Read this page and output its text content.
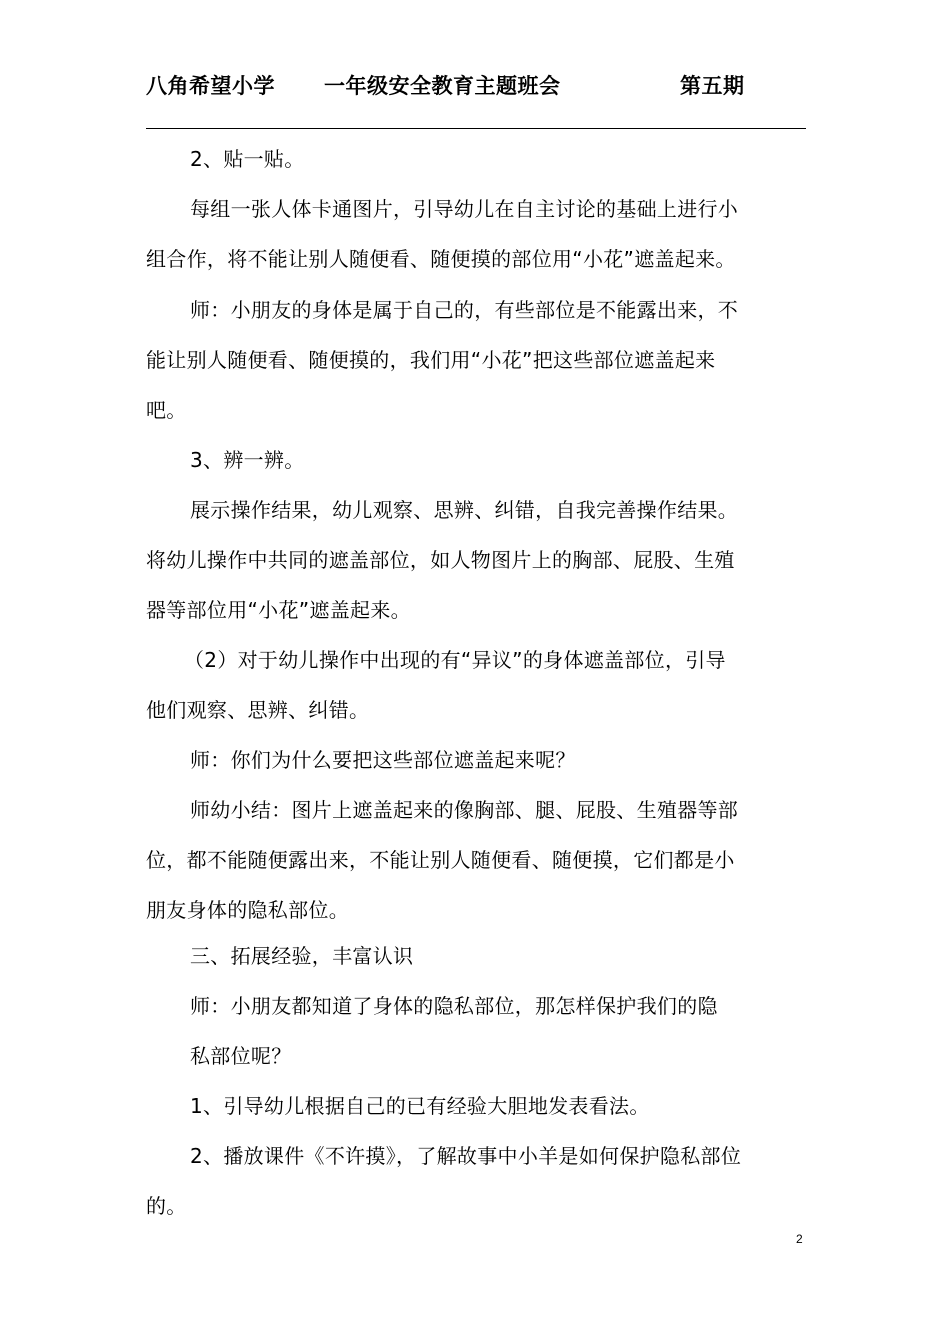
八角希望小学 一年级安全教育主题班会	第五期
2、贴一贴。
每组一张人体卡通图片，引导幼儿在自主讨论的基础上进行小
组合作，将不能让别人随便看、随便摸的部位用“小花”遮盖起来。
师：小朋友的身体是属于自己的，有些部位是不能露出来，不
能让别人随便看、随便摸的，我们用“小花”把这些部位遮盖起来
吧。
3、辨一辨。
展示操作结果，幼儿观察、思辨、纠错，自我完善操作结果。
将幼儿操作中共同的遮盖部位，如人物图片上的胸部、屁股、生殖
器等部位用“小花”遮盖起来。
（2）对于幼儿操作中出现的有“异议”的身体遮盖部位，引导
他们观察、思辨、纠错。
师：你们为什么要把这些部位遮盖起来呢？
师幼小结：图片上遮盖起来的像胸部、腿、屁股、生殖器等部
位，都不能随便露出来，不能让别人随便看、随便摸，它们都是小
朋友身体的隐私部位。
三、拓展经验，丰富认识
师：小朋友都知道了身体的隐私部位，那怎样保护我们的隐
私部位呢？
1、引导幼儿根据自己的已有经验大胆地发表看法。
2、播放课件《不许摸》，了解故事中小羊是如何保护隐私部位
的。
2
